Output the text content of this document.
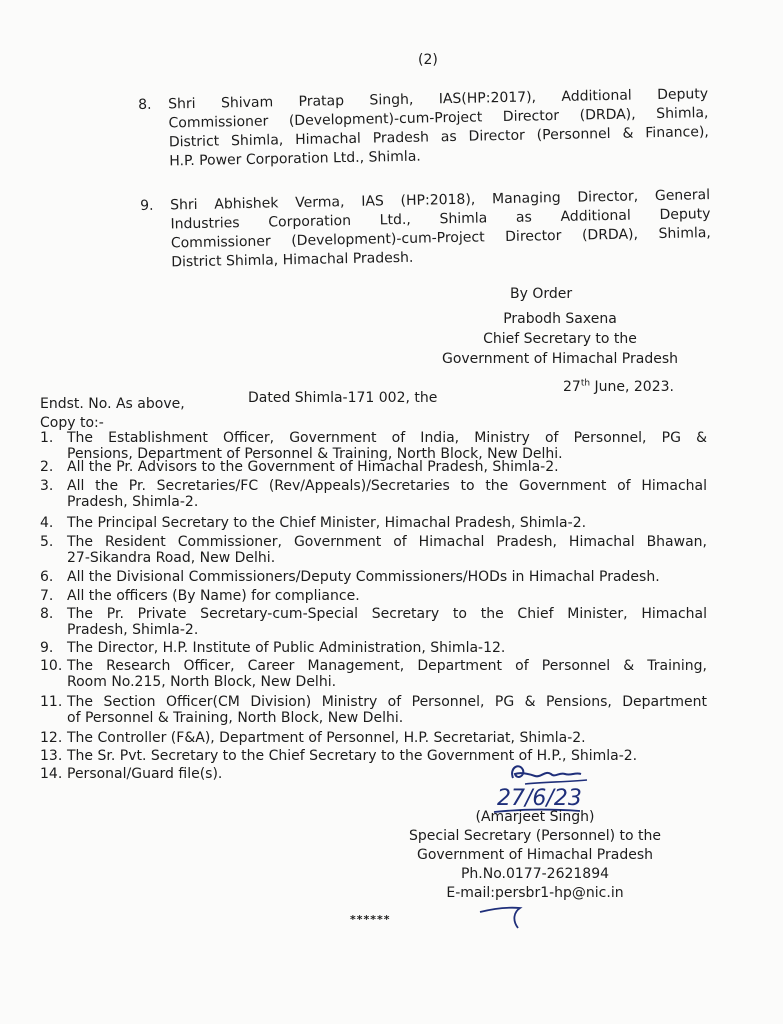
(2)
8. Shri Shivam Pratap Singh, IAS(HP:2017), Additional Deputy
Commissioner (Development)-cum-Project Director (DRDA), Shimla,
District Shimla, Himachal Pradesh as Director (Personnel & Finance),
H.P. Power Corporation Ltd., Shimla.
9. Shri Abhishek Verma, IAS (HP:2018), Managing Director, General
Industries Corporation Ltd., Shimla as Additional Deputy
Commissioner (Development)-cum-Project Director (DRDA), Shimla,
District Shimla, Himachal Pradesh.
By Order
Prabodh Saxena
Chief Secretary to the
Government of Himachal Pradesh
Endst. No. As above,	Dated Shimla-171 002, the
27th June, 2023.
Copy to:-
1. The Establishment Officer, Government of India, Ministry of Personnel, PG &
Pensions, Department of Personnel & Training, North Block, New Delhi.
2. All the Pr. Advisors to the Government of Himachal Pradesh, Shimla-2.
3. All the Pr. Secretaries/FC (Rev/Appeals)/Secretaries to the Government of Himachal
Pradesh, Shimla-2.
4. The Principal Secretary to the Chief Minister, Himachal Pradesh, Shimla-2.
5. The Resident Commissioner, Government of Himachal Pradesh, Himachal Bhawan,
27-Sikandra Road, New Delhi.
6. All the Divisional Commissioners/Deputy Commissioners/HODs in Himachal Pradesh.
7. All the officers (By Name) for compliance.
8. The Pr. Private Secretary-cum-Special Secretary to the Chief Minister, Himachal
Pradesh, Shimla-2.
9. The Director, H.P. Institute of Public Administration, Shimla-12.
10. The Research Officer, Career Management, Department of Personnel & Training,
Room No.215, North Block, New Delhi.
11. The Section Officer(CM Division) Ministry of Personnel, PG & Pensions, Department
of Personnel & Training, North Block, New Delhi.
12. The Controller (F&A), Department of Personnel, H.P. Secretariat, Shimla-2.
13. The Sr. Pvt. Secretary to the Chief Secretary to the Government of H.P., Shimla-2.
14. Personal/Guard file(s).
27/6/23
(Amarjeet Singh)
Special Secretary (Personnel) to the
Government of Himachal Pradesh
Ph.No.0177-2621894
E-mail:persbr1-hp@nic.in
******
